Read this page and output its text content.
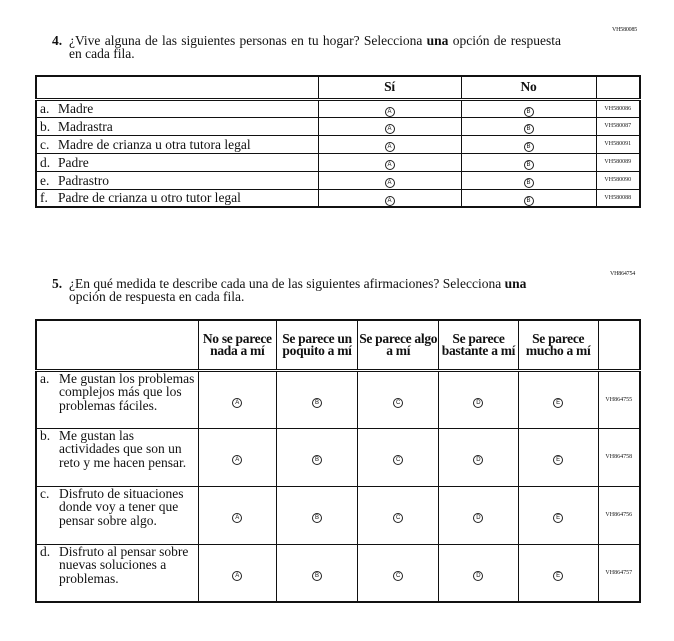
VH580085
4. ¿Vive alguna de las siguientes personas en tu hogar? Selecciona una opción de respuesta en cada fila.
	Sí	No	
a. Madre	A	B	VH580086
b. Madrastra	A	B	VH580087
c. Madre de crianza u otra tutora legal	A	B	VH580091
d. Padre	A	B	VH580089
e. Padrastro	A	B	VH580090
f. Padre de crianza u otro tutor legal	A	B	VH580088
VH864754
5. ¿En qué medida te describe cada una de las siguientes afirmaciones? Selecciona una opción de respuesta en cada fila.
	No se parece nada a mí	Se parece un poquito a mí	Se parece algo a mí	Se parece bastante a mí	Se parece mucho a mí	

a. Me gustan los problemas complejos más que los problemas fáciles.	A	B	C	D	E	VH864755

b. Me gustan las actividades que son un reto y me hacen pensar.	A	B	C	D	E	VH864758

c. Disfruto de situaciones donde voy a tener que pensar sobre algo.	A	B	C	D	E	VH864756

d. Disfruto al pensar sobre nuevas soluciones a problemas.	A	B	C	D	E	VH864757
